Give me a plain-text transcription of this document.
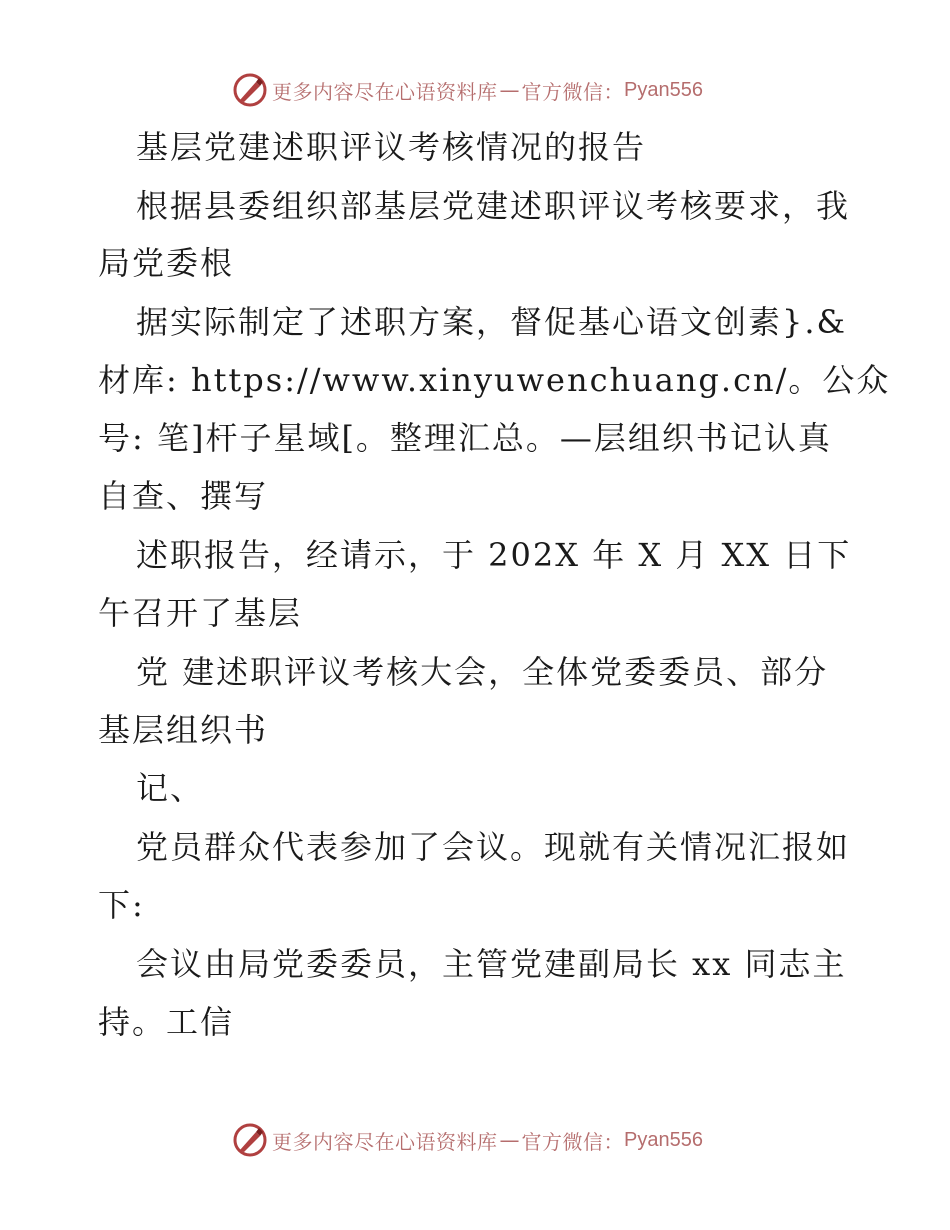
更多内容尽在心语资料库 — 官方微信： Pyan556
基层党建述职评议考核情况的报告
根据县委组织部基层党建述职评议考核要求，我
局党委根
据实际制定了述职方案，督促基心语文创素}.&
材库: https://www.xinyuwenchuang.cn/。公众
号: 笔]杆子星域[。整理汇总。—层组织书记认真
自查、撰写
述职报告，经请示，于 202X 年 X 月 XX 日下
午召开了基层
党 建述职评议考核大会，全体党委委员、部分
基层组织书
记、
党员群众代表参加了会议。现就有关情况汇报如
下:
会议由局党委委员，主管党建副局长 xx 同志主
持。工信
更多内容尽在心语资料库 — 官方微信： Pyan556
